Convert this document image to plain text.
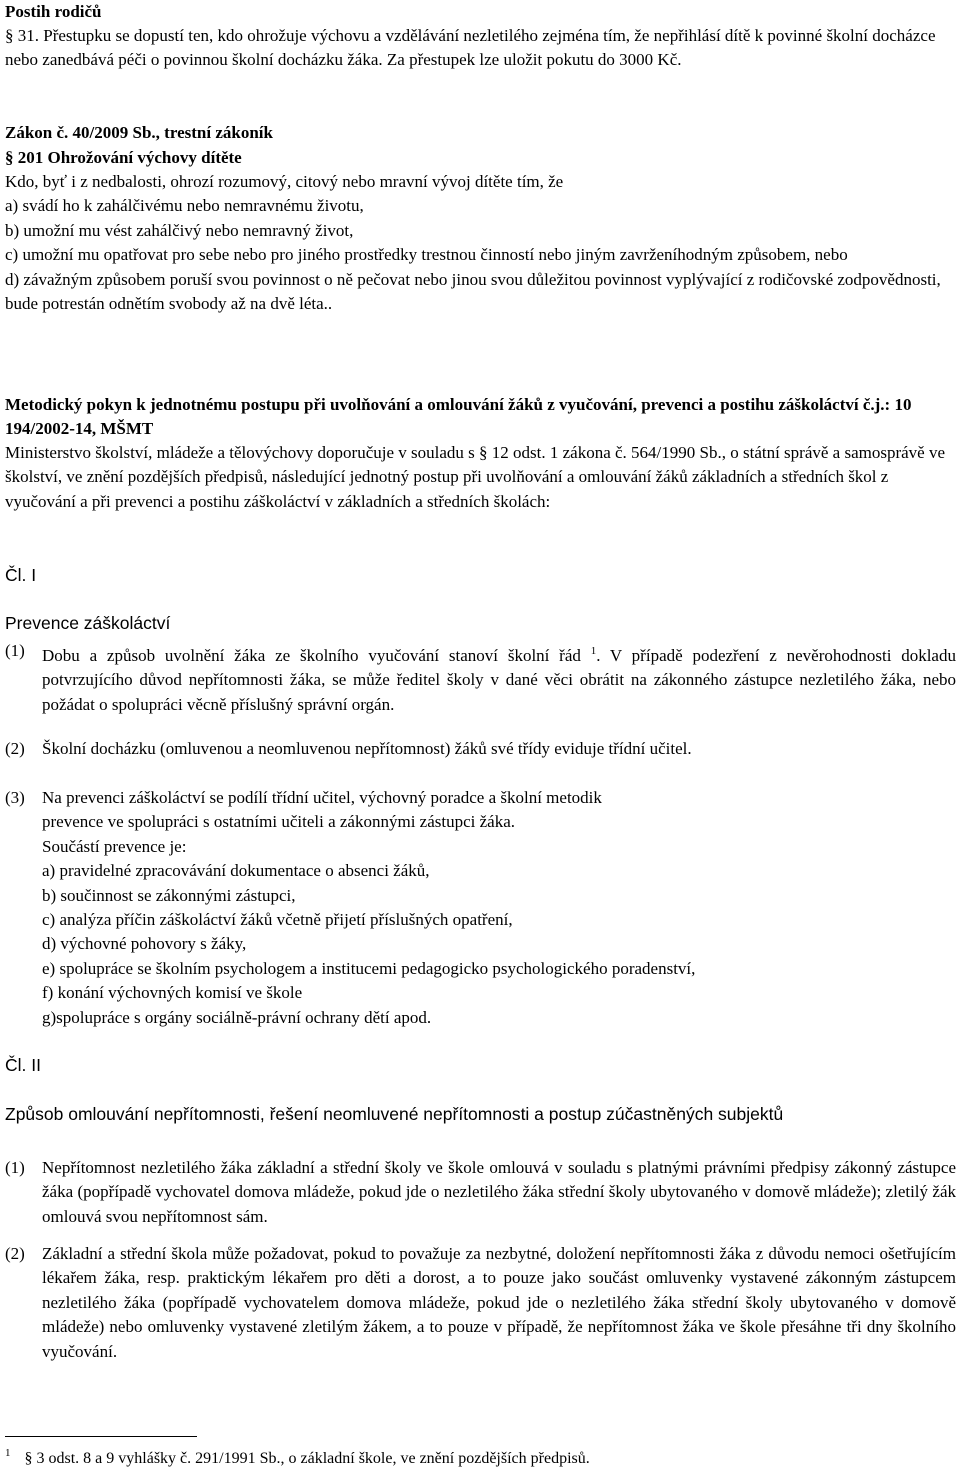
Postih rodičů
§ 31. Přestupku se dopustí ten, kdo ohrožuje výchovu a vzdělávání nezletilého zejména tím, že nepřihlásí dítě k povinné školní docházce nebo zanedbává péči o povinnou školní docházku žáka. Za přestupek lze uložit pokutu do 3000 Kč.
Zákon č. 40/2009 Sb., trestní zákoník
§ 201 Ohrožování výchovy dítěte
Kdo, byť i z nedbalosti, ohrozí rozumový, citový nebo mravní vývoj dítěte tím, že
a) svádí ho k zahálčivému nebo nemravnému životu,
b) umožní mu vést zahálčivý nebo nemravný život,
c) umožní mu opatřovat pro sebe nebo pro jiného prostředky trestnou činností nebo jiným zavrženíhodným způsobem, nebo
d) závažným způsobem poruší svou povinnost o ně pečovat nebo jinou svou důležitou povinnost vyplývající z rodičovské zodpovědnosti,
bude potrestán odnětím svobody až na dvě léta..
Metodický pokyn k jednotnému postupu při uvolňování a omlouvání žáků z vyučování, prevenci a postihu záškoláctví č.j.: 10 194/2002-14, MŠMT
Ministerstvo školství, mládeže a tělovýchovy doporučuje v souladu s § 12 odst. 1 zákona č. 564/1990 Sb., o státní správě a samosprávě ve školství, ve znění pozdějších předpisů, následující jednotný postup při uvolňování a omlouvání žáků základních a středních škol z vyučování a při prevenci a postihu záškoláctví v základních a středních školách:
Čl. I
Prevence záškoláctví
(1) Dobu a způsob uvolnění žáka ze školního vyučování stanoví školní řád $^1$. V případě podezření z nevěrohodnosti dokladu potvrzujícího důvod nepřítomnosti žáka, se může ředitel školy v dané věci obrátit na zákonného zástupce nezletilého žáka, nebo požádat o spolupráci věcně příslušný správní orgán.
(2) Školní docházku (omluvenou a neomluvenou nepřítomnost) žáků své třídy eviduje třídní učitel.
(3) Na prevenci záškoláctví se podílí třídní učitel, výchovný poradce a školní metodik
prevence ve spolupráci s ostatními učiteli a zákonnými zástupci žáka.
Součástí prevence je:
a) pravidelné zpracovávání dokumentace o absenci žáků,
b) součinnost se zákonnými zástupci,
c) analýza příčin záškoláctví žáků včetně přijetí příslušných opatření,
d) výchovné pohovory s žáky,
e) spolupráce se školním psychologem a institucemi pedagogicko psychologického poradenství,
f) konání výchovných komisí ve škole
g)spolupráce s orgány sociálně-právní ochrany dětí apod.
Čl. II
Způsob omlouvání nepřítomnosti, řešení neomluvené nepřítomnosti a postup zúčastněných subjektů
(1) Nepřítomnost nezletilého žáka základní a střední školy ve škole omlouvá v souladu s platnými právními předpisy zákonný zástupce žáka (popřípadě vychovatel domova mládeže, pokud jde o nezletilého žáka střední školy ubytovaného v domově mládeže); zletilý žák omlouvá svou nepřítomnost sám.
(2) Základní a střední škola může požadovat, pokud to považuje za nezbytné, doložení nepřítomnosti žáka z důvodu nemoci ošetřujícím lékařem žáka, resp. praktickým lékařem pro děti a dorost, a to pouze jako součást omluvenky vystavené zákonným zástupcem nezletilého žáka (popřípadě vychovatelem domova mládeže, pokud jde o nezletilého žáka střední školy ubytovaného v domově mládeže) nebo omluvenky vystavené zletilým žákem, a to pouze v případě, že nepřítomnost žáka ve škole přesáhne tři dny školního vyučování.
$^1$ § 3 odst. 8 a 9 vyhlášky č. 291/1991 Sb., o základní škole, ve znění pozdějších předpisů.
